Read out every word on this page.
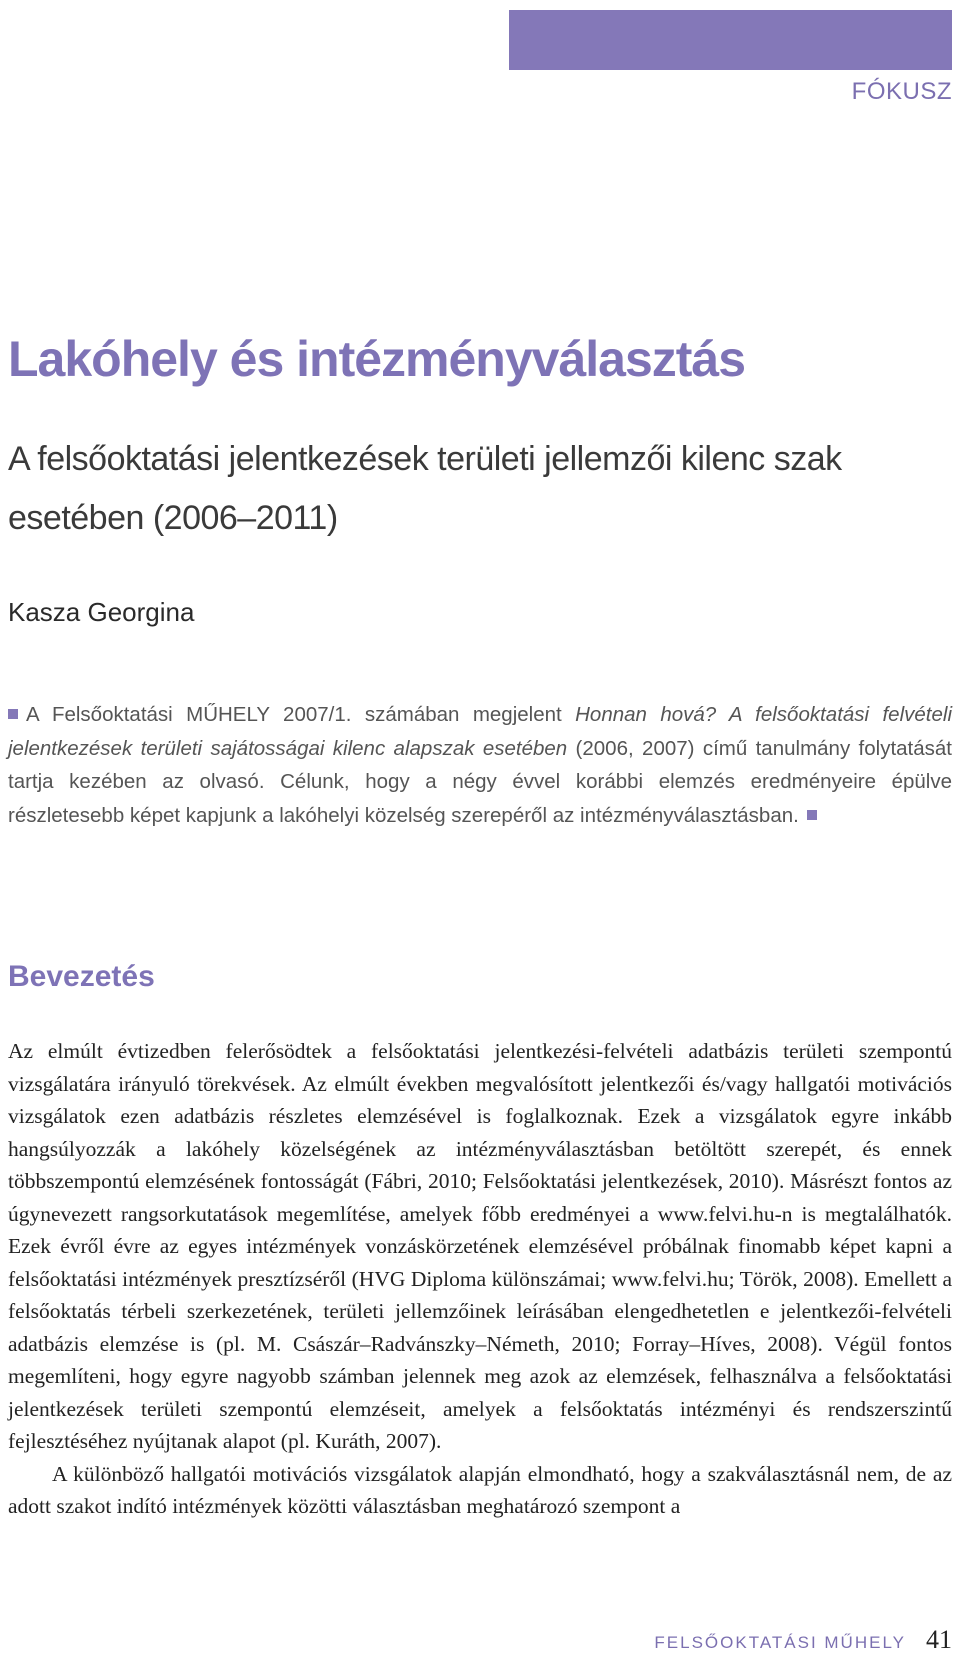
FÓKUSZ
Lakóhely és intézményválasztás
A felsőoktatási jelentkezések területi jellemzői kilenc szak esetében (2006–2011)
Kasza Georgina

A Felsőoktatási MŰHELY 2007/1. számában megjelent Honnan hová? A felsőoktatási felvételi jelentkezések területi sajátosságai kilenc alapszak esetében (2006, 2007) című tanulmány folytatását tartja kezében az olvasó. Célunk, hogy a négy évvel korábbi elemzés eredményeire épülve részletesebb képet kapjunk a lakóhelyi közelség szerepéről az intézményválasztásban.

Bevezetés

Az elmúlt évtizedben felerősödtek a felsőoktatási jelentkezési-felvételi adatbázis területi szempontú vizsgálatára irányuló törekvések. Az elmúlt években megvalósított jelentkezői és/vagy hallgatói motivációs vizsgálatok ezen adatbázis részletes elemzésével is foglalkoznak. Ezek a vizsgálatok egyre inkább hangsúlyozzák a lakóhely közelségének az intézményválasztásban betöltött szerepét, és ennek többszempontú elemzésének fontosságát (Fábri, 2010; Felsőoktatási jelentkezések, 2010). Másrészt fontos az úgynevezett rangsorkutatások megemlítése, amelyek főbb eredményei a www.felvi.hu-n is megtalálhatók. Ezek évről évre az egyes intézmények vonzáskörzetének elemzésével próbálnak finomabb képet kapni a felsőoktatási intézmények presztízséről (HVG Diploma különszámai; www.felvi.hu; Török, 2008). Emellett a felsőoktatás térbeli szerkezetének, területi jellemzőinek leírásában elengedhetetlen e jelentkezői-felvételi adatbázis elemzése is (pl. M. Császár–Radvánszky–Németh, 2010; Forray–Híves, 2008). Végül fontos megemlíteni, hogy egyre nagyobb számban jelennek meg azok az elemzések, felhasználva a felsőoktatási jelentkezések területi szempontú elemzéseit, amelyek a felsőoktatás intézményi és rendszerszintű fejlesztéséhez nyújtanak alapot (pl. Kuráth, 2007).

A különböző hallgatói motivációs vizsgálatok alapján elmondható, hogy a szakválasztásnál nem, de az adott szakot indító intézmények közötti választásban meghatározó szempont a

FELSŐOKTATÁSI MŰHELY 41
